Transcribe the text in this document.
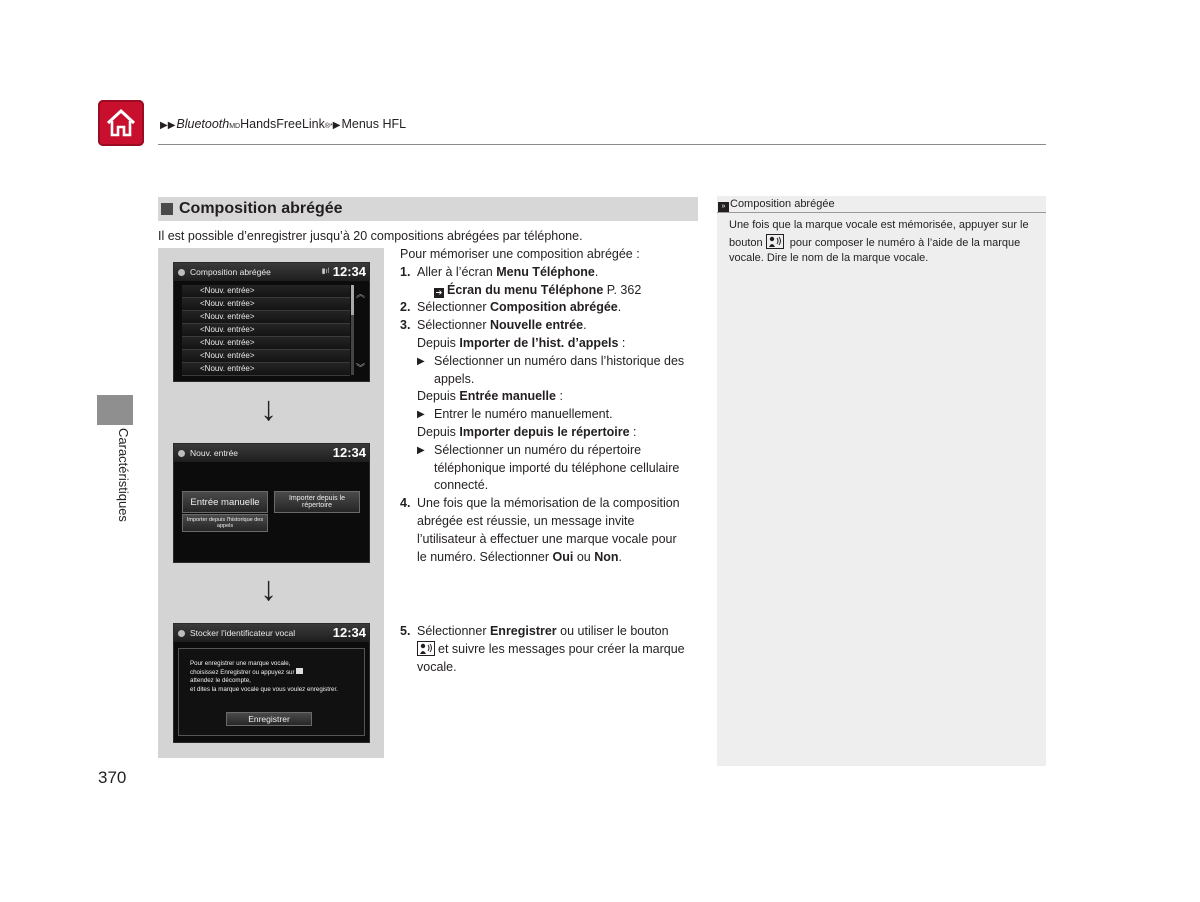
▶▶ Bluetooth$_{MD}$ HandsFreeLink$_{®*}$ ▶ Menus HFL
Caractéristiques
370
Composition abrégée
Il est possible d’enregistrer jusqu’à 20 compositions abrégées par téléphone.
Composition abrégée	▮ıl 12:34
<Nouv. entrée>
<Nouv. entrée>
<Nouv. entrée>
<Nouv. entrée>
<Nouv. entrée>
<Nouv. entrée>
<Nouv. entrée>
︽
︾
↓
Nouv. entrée	12:34
Entrée manuelle	Importer depuis le répertoire
Importer depuis l'historique des appels
↓
Stocker l'identificateur vocal	12:34
Pour enregistrer une marque vocale,
choisissez Enregistrer ou appuyez sur
attendez le décompte,
et dites la marque vocale que vous voulez enregistrer.
Enregistrer
Pour mémoriser une composition abrégée :
1. Aller à l’écran Menu Téléphone.
➔ Écran du menu Téléphone P. 362
2. Sélectionner Composition abrégée.
3. Sélectionner Nouvelle entrée.
Depuis Importer de l’hist. d’appels :
▶ Sélectionner un numéro dans l’historique des
appels.
Depuis Entrée manuelle :
▶ Entrer le numéro manuellement.
Depuis Importer depuis le répertoire :
▶ Sélectionner un numéro du répertoire
téléphonique importé du téléphone cellulaire
connecté.
4. Une fois que la mémorisation de la composition
abrégée est réussie, un message invite
l’utilisateur à effectuer une marque vocale pour
le numéro. Sélectionner Oui ou Non.
5. Sélectionner Enregistrer ou utiliser le bouton
et suivre les messages pour créer la marque
vocale.
» Composition abrégée
Une fois que la marque vocale est mémorisée, appuyer sur le
bouton
pour composer le numéro à l’aide de la marque
vocale. Dire le nom de la marque vocale.
